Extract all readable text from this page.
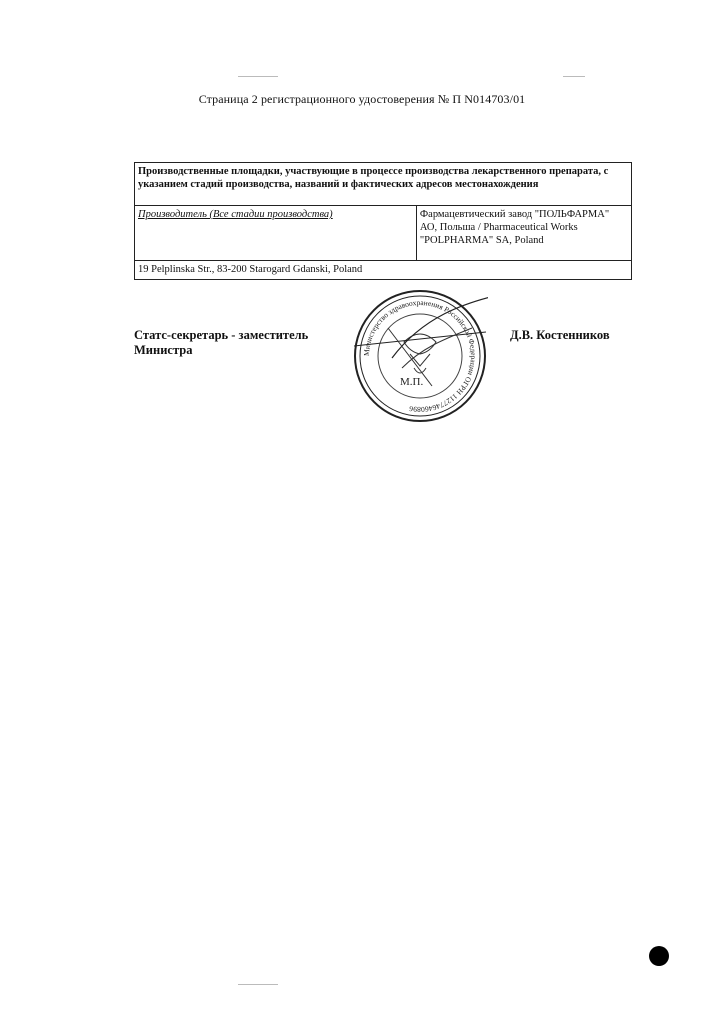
Страница 2 регистрационного удостоверения № П N014703/01
Производственные площадки, участвующие в процессе производства лекарственного препарата, с указанием стадий производства, названий и фактических адресов местонахождения
Производитель (Все стадии производства)	Фармацевтический завод "ПОЛЬФАРМА" АО, Польша / Pharmaceutical Works "POLPHARMA" SA, Poland
19 Pelplinska Str., 83-200 Starogard Gdanski, Poland
Статс-секретарь - заместитель
Министра
Д.В. Костенников
Министерство здравоохранения Российской Федерации ОГРН 1127746460896
М.П.
